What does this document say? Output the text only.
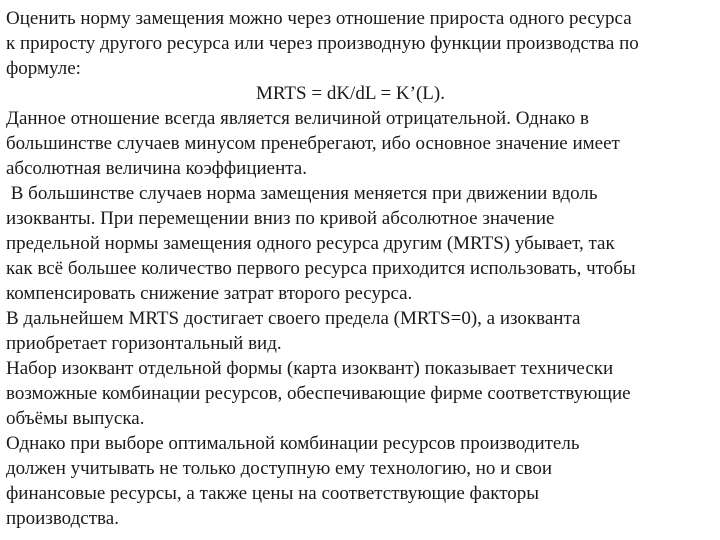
Оценить норму замещения можно через отношение прироста одного ресурса
к приросту другого ресурса или через производную функции производства по
формуле:
MRTS = dK/dL = K’(L).
Данное отношение всегда является величиной отрицательной. Однако в
большинстве случаев минусом пренебрегают, ибо основное значение имеет
абсолютная величина коэффициента.
В большинстве случаев норма замещения меняется при движении вдоль
изокванты. При перемещении вниз по кривой абсолютное значение
предельной нормы замещения одного ресурса другим (MRTS) убывает, так
как всё большее количество первого ресурса приходится использовать, чтобы
компенсировать снижение затрат второго ресурса.
В дальнейшем MRTS достигает своего предела (MRTS=0), а изокванта
приобретает горизонтальный вид.
Набор изоквант отдельной формы (карта изоквант) показывает технически
возможные комбинации ресурсов, обеспечивающие фирме соответствующие
объёмы выпуска.
Однако при выборе оптимальной комбинации ресурсов производитель
должен учитывать не только доступную ему технологию, но и свои
финансовые ресурсы, а также цены на соответствующие факторы
производства.
